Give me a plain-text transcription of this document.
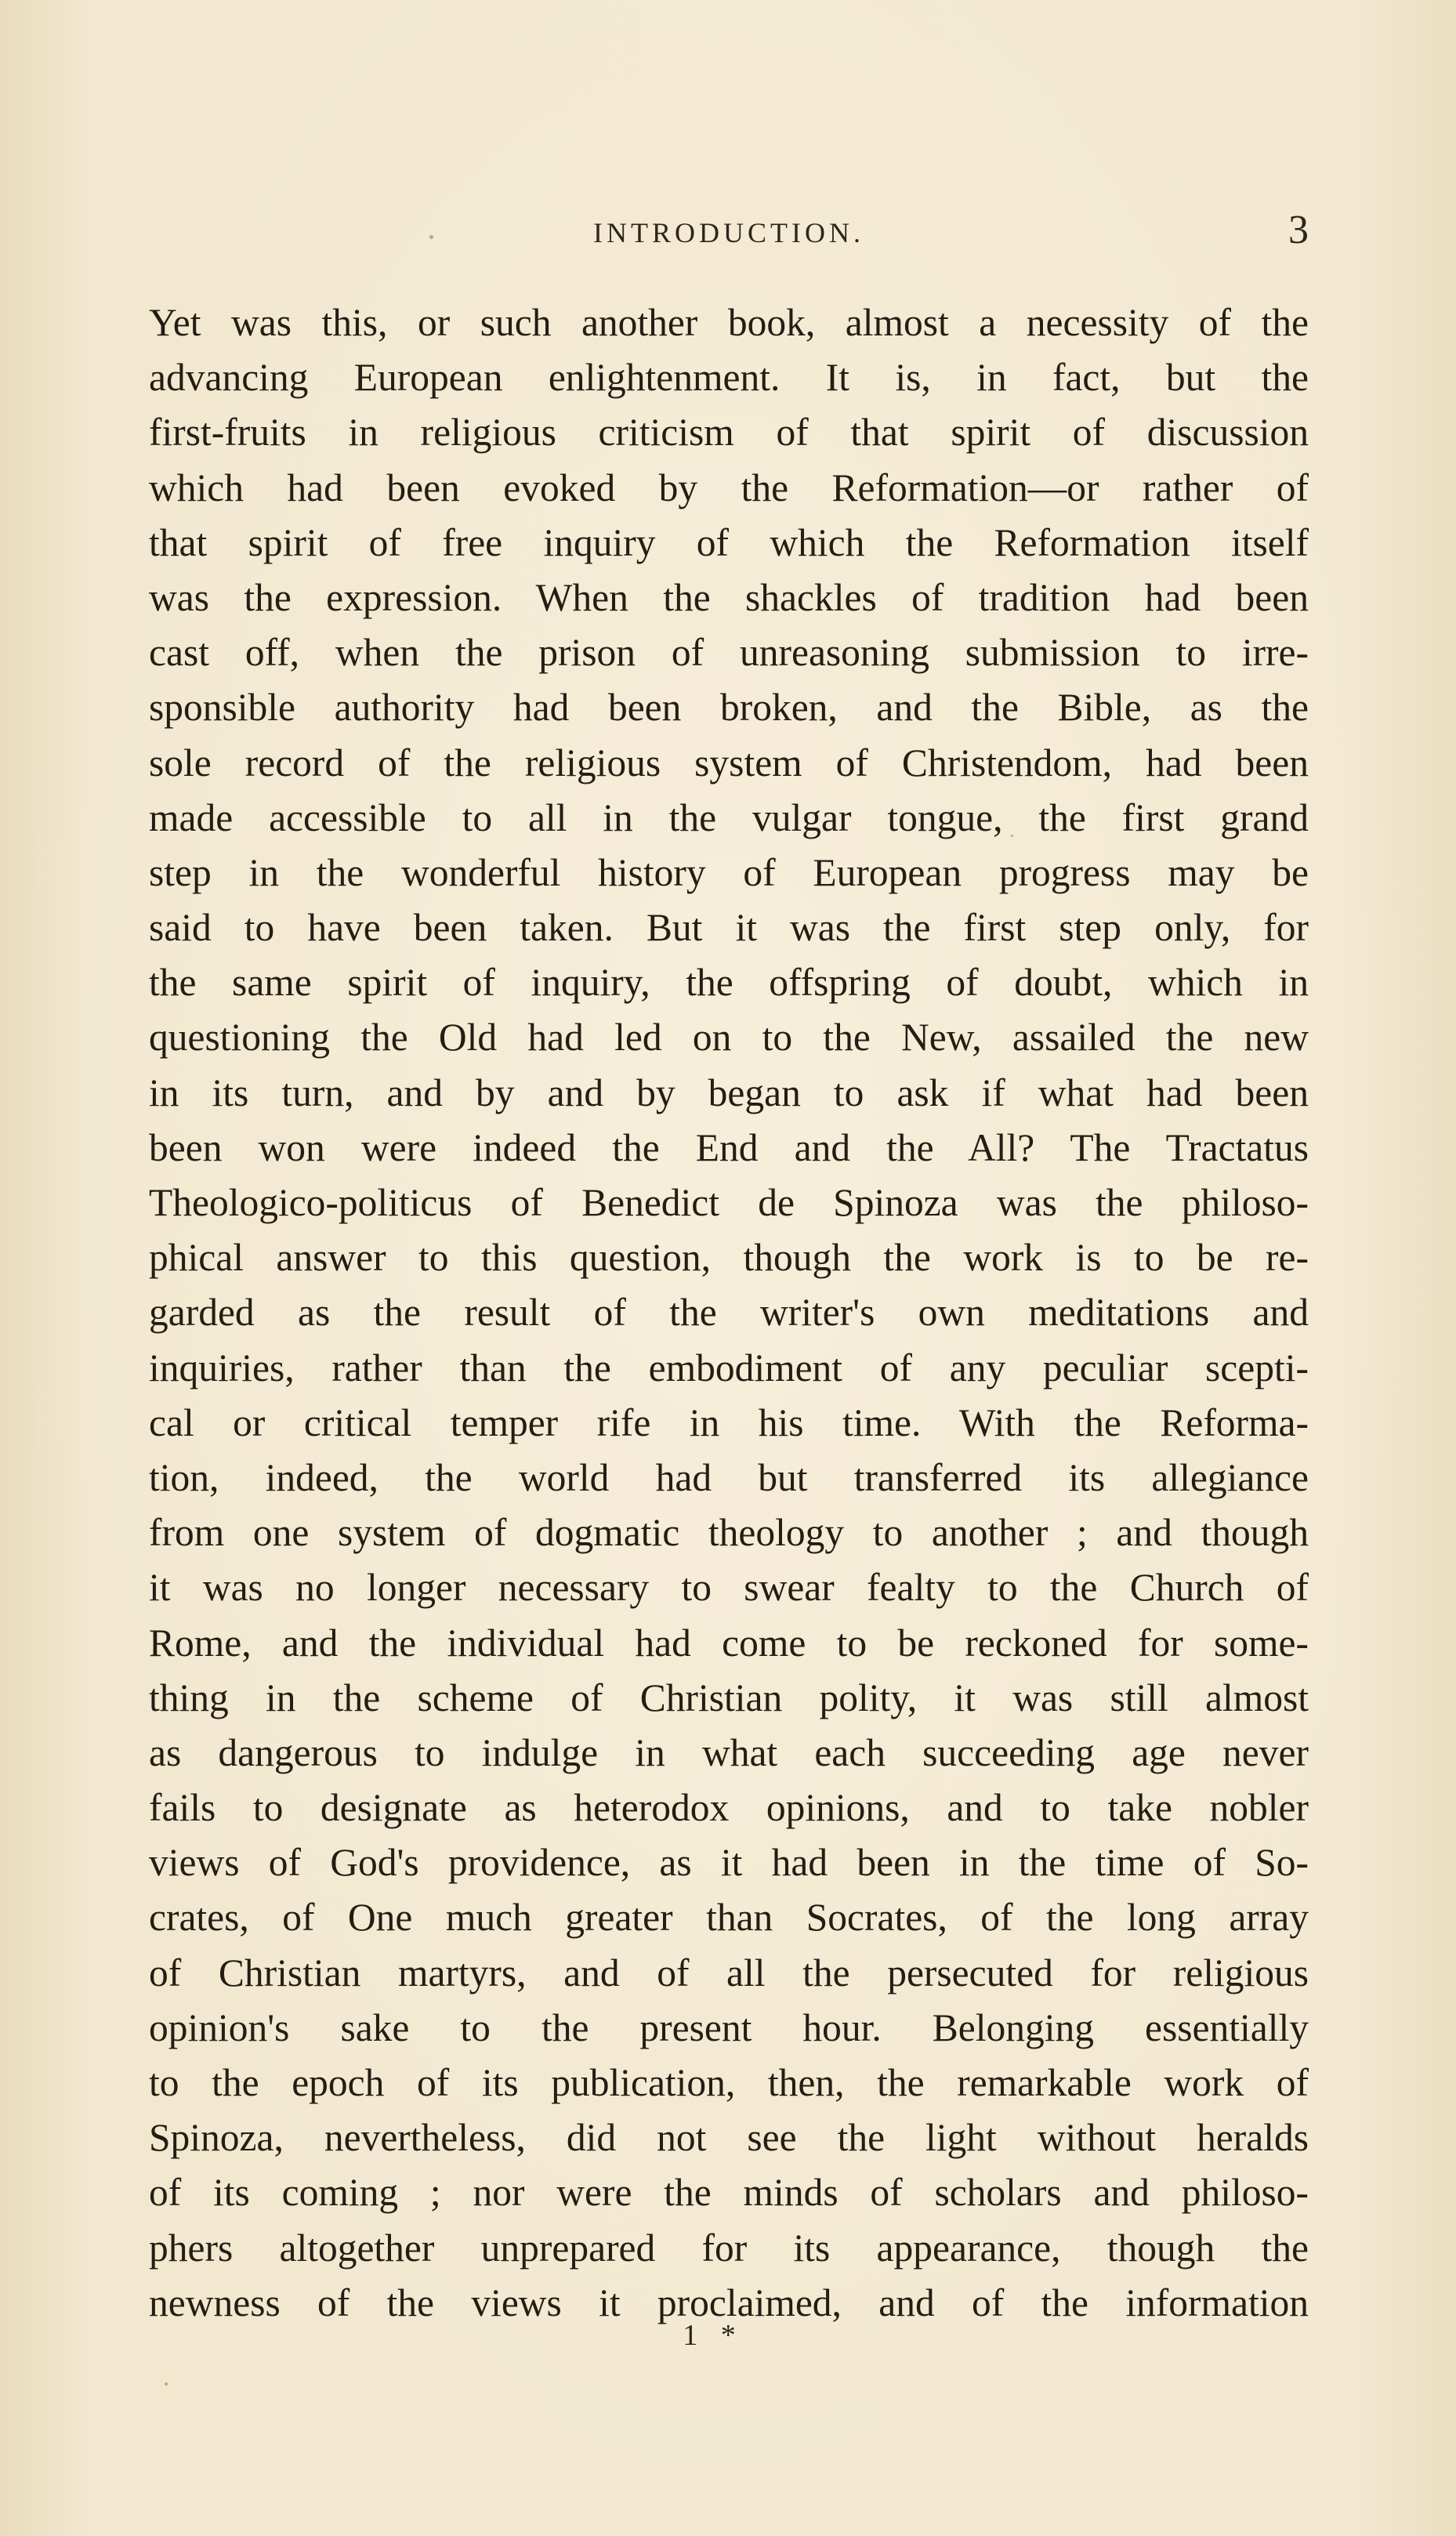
INTRODUCTION.	3
Yet was this, or such another book, almost a necessity of the
advancing European enlightenment. It is, in fact, but the
first-fruits in religious criticism of that spirit of discussion
which had been evoked by the Reformation—or rather of
that spirit of free inquiry of which the Reformation itself
was the expression. When the shackles of tradition had been
cast off, when the prison of unreasoning submission to irre-
sponsible authority had been broken, and the Bible, as the
sole record of the religious system of Christendom, had been
made accessible to all in the vulgar tongue, the first grand
step in the wonderful history of European progress may be
said to have been taken. But it was the first step only, for
the same spirit of inquiry, the offspring of doubt, which in
questioning the Old had led on to the New, assailed the new
in its turn, and by and by began to ask if what had been
been won were indeed the End and the All? The Tractatus
Theologico-politicus of Benedict de Spinoza was the philoso-
phical answer to this question, though the work is to be re-
garded as the result of the writer's own meditations and
inquiries, rather than the embodiment of any peculiar scepti-
cal or critical temper rife in his time. With the Reforma-
tion, indeed, the world had but transferred its allegiance
from one system of dogmatic theology to another ; and though
it was no longer necessary to swear fealty to the Church of
Rome, and the individual had come to be reckoned for some-
thing in the scheme of Christian polity, it was still almost
as dangerous to indulge in what each succeeding age never
fails to designate as heterodox opinions, and to take nobler
views of God's providence, as it had been in the time of So-
crates, of One much greater than Socrates, of the long array
of Christian martyrs, and of all the persecuted for religious
opinion's sake to the present hour. Belonging essentially
to the epoch of its publication, then, the remarkable work of
Spinoza, nevertheless, did not see the light without heralds
of its coming ; nor were the minds of scholars and philoso-
phers altogether unprepared for its appearance, though the
newness of the views it proclaimed, and of the information
1 *
